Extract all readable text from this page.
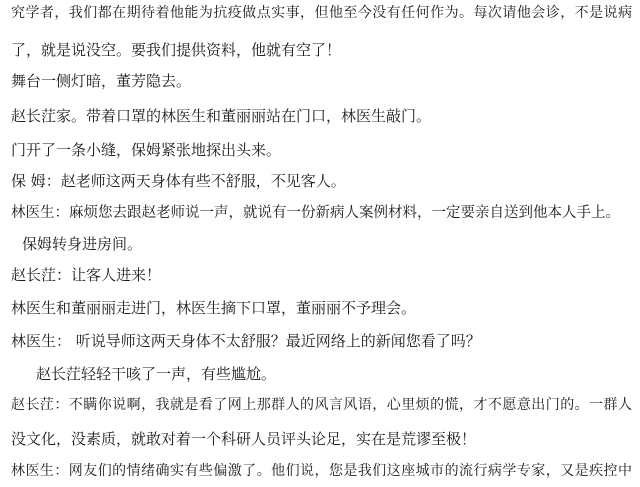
究学者，我们都在期待着他能为抗疫做点实事，但他至今没有任何作为。每次请他会诊，不是说病
了，就是说没空。要我们提供资料，他就有空了！
舞台一侧灯暗，董芳隐去。
赵长茳家。带着口罩的林医生和董丽丽站在门口，林医生敲门。
门开了一条小缝，保姆紧张地探出头来。
保 姆：赵老师这两天身体有些不舒服，不见客人。
林医生：麻烦您去跟赵老师说一声，就说有一份新病人案例材料，一定要亲自送到他本人手上。
保姆转身进房间。
赵长茳：让客人进来！
林医生和董丽丽走进门，林医生摘下口罩，董丽丽不予理会。
林医生： 听说导师这两天身体不太舒服？最近网络上的新闻您看了吗？
赵长茳轻轻干咳了一声，有些尴尬。
赵长茳：不瞒你说啊，我就是看了网上那群人的风言风语，心里烦的慌，才不愿意出门的。一群人
没文化，没素质，就敢对着一个科研人员评头论足，实在是荒谬至极！
林医生：网友们的情绪确实有些偏激了。他们说，您是我们这座城市的流行病学专家，又是疾控中
